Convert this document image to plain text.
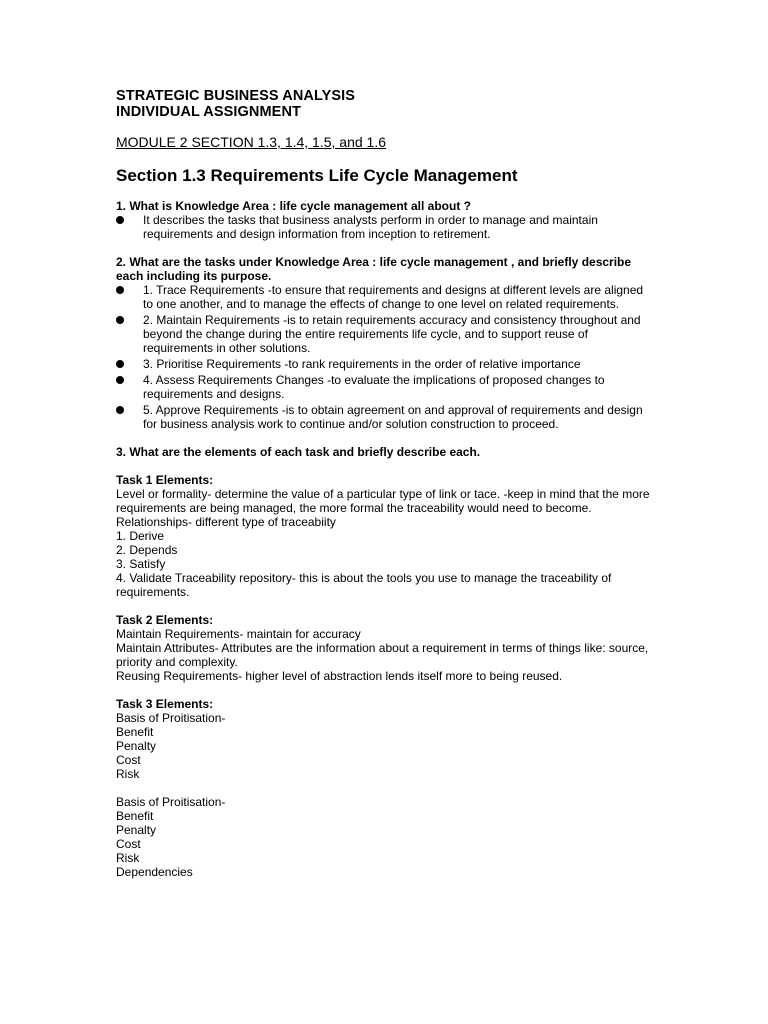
STRATEGIC BUSINESS ANALYSIS
INDIVIDUAL ASSIGNMENT
MODULE 2 SECTION 1.3, 1.4, 1.5, and 1.6
Section 1.3 Requirements Life Cycle Management
1. What is Knowledge Area : life cycle management all about ?
It describes the tasks that business analysts perform in order to manage and maintain requirements and design information from inception to retirement.
2. What are the tasks under Knowledge Area : life cycle management , and briefly describe each including its purpose.
1. Trace Requirements -to ensure that requirements and designs at different levels are aligned to one another, and to manage the effects of change to one level on related requirements.
2. Maintain Requirements -is to retain requirements accuracy and consistency throughout and beyond the change during the entire requirements life cycle, and to support reuse of requirements in other solutions.
3. Prioritise Requirements -to rank requirements in the order of relative importance
4. Assess Requirements Changes -to evaluate the implications of proposed changes to requirements and designs.
5. Approve Requirements -is to obtain agreement on and approval of requirements and design for business analysis work to continue and/or solution construction to proceed.
3. What are the elements of each task and briefly describe each.
Task 1 Elements:
Level or formality- determine the value of a particular type of link or tace. -keep in mind that the more requirements are being managed, the more formal the traceability would need to become. Relationships- different type of traceabiity
1. Derive
2. Depends
3. Satisfy
4. Validate Traceability repository- this is about the tools you use to manage the traceability of requirements.
Task 2 Elements:
Maintain Requirements- maintain for accuracy
Maintain Attributes- Attributes are the information about a requirement in terms of things like: source, priority and complexity.
Reusing Requirements- higher level of abstraction lends itself more to being reused.
Task 3 Elements:
Basis of Proitisation-
Benefit
Penalty
Cost
Risk
Basis of Proitisation-
Benefit
Penalty
Cost
Risk
Dependencies
